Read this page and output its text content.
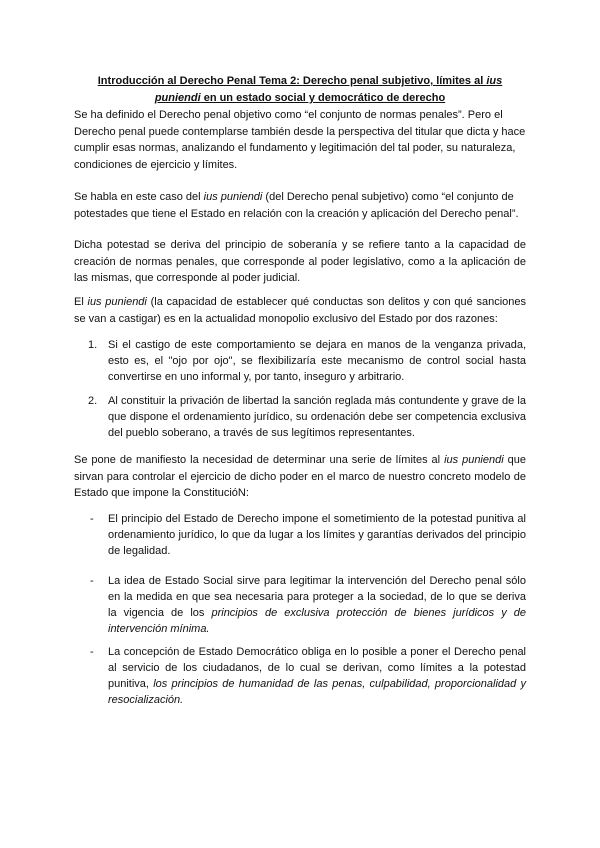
Introducción al Derecho Penal Tema 2: Derecho penal subjetivo, límites al ius puniendi en un estado social y democrático de derecho
Se ha definido el Derecho penal objetivo como “el conjunto de normas penales”. Pero el Derecho penal puede contemplarse también desde la perspectiva del titular que dicta y hace cumplir esas normas, analizando el fundamento y legitimación del tal poder, su naturaleza, condiciones de ejercicio y límites.
Se habla en este caso del ius puniendi (del Derecho penal subjetivo) como “el conjunto de potestades que tiene el Estado en relación con la creación y aplicación del Derecho penal”.
Dicha potestad se deriva del principio de soberanía y se refiere tanto a la capacidad de creación de normas penales, que corresponde al poder legislativo, como a la aplicación de las mismas, que corresponde al poder judicial.
El ius puniendi (la capacidad de establecer qué conductas son delitos y con qué sanciones se van a castigar) es en la actualidad monopolio exclusivo del Estado por dos razones:
1. Si el castigo de este comportamiento se dejara en manos de la venganza privada, esto es, el "ojo por ojo", se flexibilizaría este mecanismo de control social hasta convertirse en uno informal y, por tanto, inseguro y arbitrario.
2. Al constituir la privación de libertad la sanción reglada más contundente y grave de la que dispone el ordenamiento jurídico, su ordenación debe ser competencia exclusiva del pueblo soberano, a través de sus legítimos representantes.
Se pone de manifiesto la necesidad de determinar una serie de límites al ius puniendi que sirvan para controlar el ejercicio de dicho poder en el marco de nuestro concreto modelo de Estado que impone la ConstitucióN:
- El principio del Estado de Derecho impone el sometimiento de la potestad punitiva al ordenamiento jurídico, lo que da lugar a los límites y garantías derivados del principio de legalidad.
- La idea de Estado Social sirve para legitimar la intervención del Derecho penal sólo en la medida en que sea necesaria para proteger a la sociedad, de lo que se deriva la vigencia de los principios de exclusiva protección de bienes jurídicos y de intervención mínima.
- La concepción de Estado Democrático obliga en lo posible a poner el Derecho penal al servicio de los ciudadanos, de lo cual se derivan, como límites a la potestad punitiva, los principios de humanidad de las penas, culpabilidad, proporcionalidad y resocialización.
